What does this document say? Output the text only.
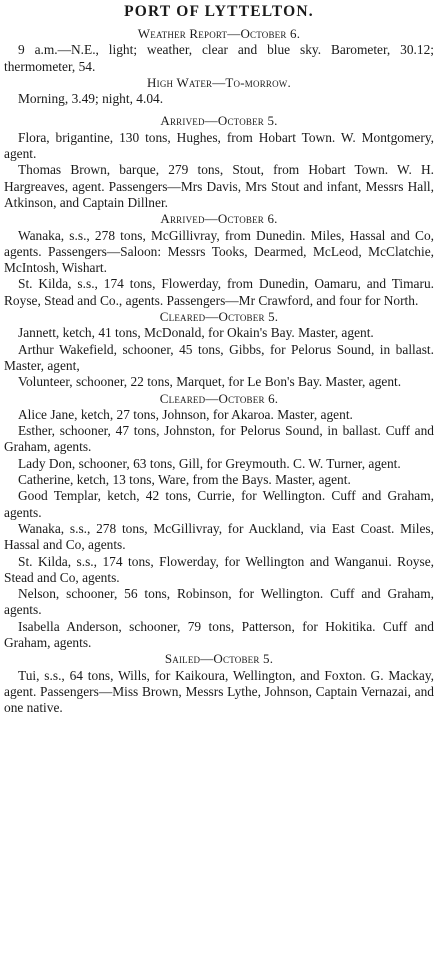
PORT OF LYTTELTON.
Weather Report—October 6.

9 a.m.—N.E., light; weather, clear and blue sky. Barometer, 30.12; thermometer, 54.

High Water—To-morrow.

Morning, 3.49; night, 4.04.

Arrived—October 5.

Flora, brigantine, 130 tons, Hughes, from Hobart Town. W. Montgomery, agent.

Thomas Brown, barque, 279 tons, Stout, from Hobart Town. W. H. Hargreaves, agent. Passengers—Mrs Davis, Mrs Stout and infant, Messrs Hall, Atkinson, and Captain Dillner.

Arrived—October 6.

Wanaka, s.s., 278 tons, McGillivray, from Dunedin. Miles, Hassal and Co, agents. Passengers—Saloon: Messrs Tooks, Dearmed, McLeod, McClatchie, McIntosh, Wishart.

St. Kilda, s.s., 174 tons, Flowerday, from Dunedin, Oamaru, and Timaru. Royse, Stead and Co., agents. Passengers—Mr Crawford, and four for North.

Cleared—October 5.

Jannett, ketch, 41 tons, McDonald, for Okain's Bay. Master, agent.

Arthur Wakefield, schooner, 45 tons, Gibbs, for Pelorus Sound, in ballast. Master, agent,

Volunteer, schooner, 22 tons, Marquet, for Le Bon's Bay. Master, agent.

Cleared—October 6.

Alice Jane, ketch, 27 tons, Johnson, for Akaroa. Master, agent.

Esther, schooner, 47 tons, Johnston, for Pelorus Sound, in ballast. Cuff and Graham, agents.

Lady Don, schooner, 63 tons, Gill, for Greymouth. C. W. Turner, agent.

Catherine, ketch, 13 tons, Ware, from the Bays. Master, agent.

Good Templar, ketch, 42 tons, Currie, for Wellington. Cuff and Graham, agents.

Wanaka, s.s., 278 tons, McGillivray, for Auckland, via East Coast. Miles, Hassal and Co, agents.

St. Kilda, s.s., 174 tons, Flowerday, for Wellington and Wanganui. Royse, Stead and Co, agents.

Nelson, schooner, 56 tons, Robinson, for Wellington. Cuff and Graham, agents.

Isabella Anderson, schooner, 79 tons, Patterson, for Hokitika. Cuff and Graham, agents.

Sailed—October 5.

Tui, s.s., 64 tons, Wills, for Kaikoura, Wellington, and Foxton. G. Mackay, agent. Passengers—Miss Brown, Messrs Lythe, Johnson, Captain Vernazai, and one native.
